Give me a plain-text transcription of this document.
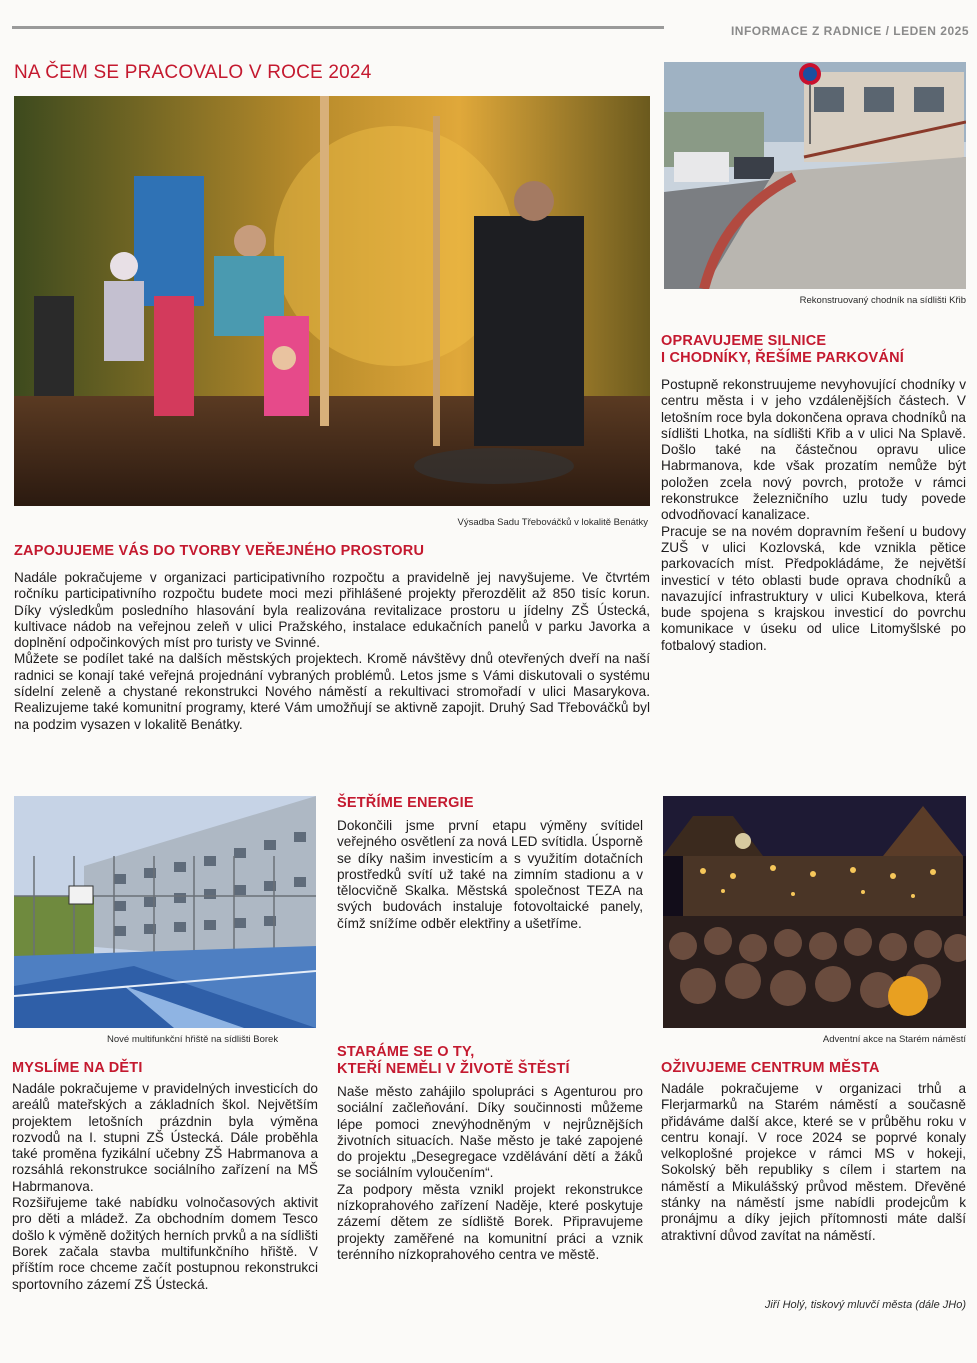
INFORMACE Z RADNICE / LEDEN 2025
NA ČEM SE PRACOVALO V ROCE 2024
Výsadba Sadu Třebováčků v lokalitě Benátky
Rekonstruovaný chodník na sídlišti Křib
OPRAVUJEME SILNICE
I CHODNÍKY, ŘEŠÍME PARKOVÁNÍ

Postupně rekonstruujeme nevyhovující chodníky v centru města i v jeho vzdálenějších částech. V letošním roce byla dokončena oprava chodníků na sídlišti Lhotka, na sídlišti Křib a v ulici Na Splavě. Došlo také na částečnou opravu ulice Habrmanova, kde však prozatím nemůže být položen zcela nový povrch, protože v rámci rekonstrukce železničního uzlu tudy povede odvodňovací kanalizace.

Pracuje se na novém dopravním řešení u budovy ZUŠ v ulici Kozlovská, kde vznikla pětice parkovacích míst. Předpokládáme, že největší investicí v této oblasti bude oprava chodníků a navazující infrastruktury v ulici Kubelkova, která bude spojena s krajskou investicí do povrchu komunikace v úseku od ulice Litomyšlské po fotbalový stadion.

ZAPOJUJEME VÁS DO TVORBY VEŘEJNÉHO PROSTORU

Nadále pokračujeme v organizaci participativního rozpočtu a pravidelně jej navyšujeme. Ve čtvrtém ročníku participativního rozpočtu budete moci mezi přihlášené projekty přerozdělit až 850 tisíc korun. Díky výsledkům posledního hlasování byla realizována revitalizace prostoru u jídelny ZŠ Ústecká, kultivace nádob na veřejnou zeleň v ulici Pražského, instalace edukačních panelů v parku Javorka a doplnění odpočinkových míst pro turisty ve Svinné.

Můžete se podílet také na dalších městských projektech. Kromě návštěvy dnů otevřených dveří na naší radnici se konají také veřejná projednání vybraných problémů. Letos jsme s Vámi diskutovali o systému sídelní zeleně a chystané rekonstrukci Nového náměstí a rekultivaci stromořadí v ulici Masarykova. Realizujeme také komunitní programy, které Vám umožňují se aktivně zapojit. Druhý Sad Třebováčků byl na podzim vysazen v lokalitě Benátky.

Nové multifunkční hřiště na sídlišti Borek
MYSLÍME NA DĚTI

Nadále pokračujeme v pravidelných investicích do areálů mateřských a základních škol. Největším projektem letošních prázdnin byla výměna rozvodů na I. stupni ZŠ Ústecká. Dále proběhla také proměna fyzikální učebny ZŠ Habrmanova a rozsáhlá rekonstrukce sociálního zařízení na MŠ Habrmanova.

Rozšiřujeme také nabídku volnočasových aktivit pro děti a mládež. Za obchodním domem Tesco došlo k výměně dožitých herních prvků a na sídlišti Borek začala stavba multifunkčního hřiště. V příštím roce chceme začít postupnou rekonstrukci sportovního zázemí ZŠ Ústecká.

ŠETŘÍME ENERGIE

Dokončili jsme první etapu výměny svítidel veřejného osvětlení za nová LED svítidla. Úsporně se díky našim investicím a s využitím dotačních prostředků svítí už také na zimním stadionu a v tělocvičně Skalka. Městská společnost TEZA na svých budovách instaluje fotovoltaické panely, čímž snížíme odběr elektřiny a ušetříme.

STARÁME SE O TY,
KTEŘÍ NEMĚLI V ŽIVOTĚ ŠTĚSTÍ

Naše město zahájilo spolupráci s Agenturou pro sociální začleňování. Díky součinnosti můžeme lépe pomoci znevýhodněným v nejrůznějších životních situacích. Naše město je také zapojené do projektu „Desegregace vzdělávání dětí a žáků se sociálním vyloučením“.

Za podpory města vznikl projekt rekonstrukce nízkoprahového zařízení Naděje, které poskytuje zázemí dětem ze sídliště Borek. Připravujeme projekty zaměřené na komunitní práci a vznik terénního nízkoprahového centra ve městě.

Adventní akce na Starém náměstí
OŽIVUJEME CENTRUM MĚSTA

Nadále pokračujeme v organizaci trhů a Flerjarmarků na Starém náměstí a současně přidáváme další akce, které se v průběhu roku v centru konají. V roce 2024 se poprvé konaly velkoplošné projekce v rámci MS v hokeji, Sokolský běh republiky s cílem i startem na náměstí a Mikulášský průvod městem. Dřevěné stánky na náměstí jsme nabídli prodejcům k pronájmu a díky jejich přítomnosti máte další atraktivní důvod zavítat na náměstí.

Jiří Holý, tiskový mluvčí města (dále JHo)
